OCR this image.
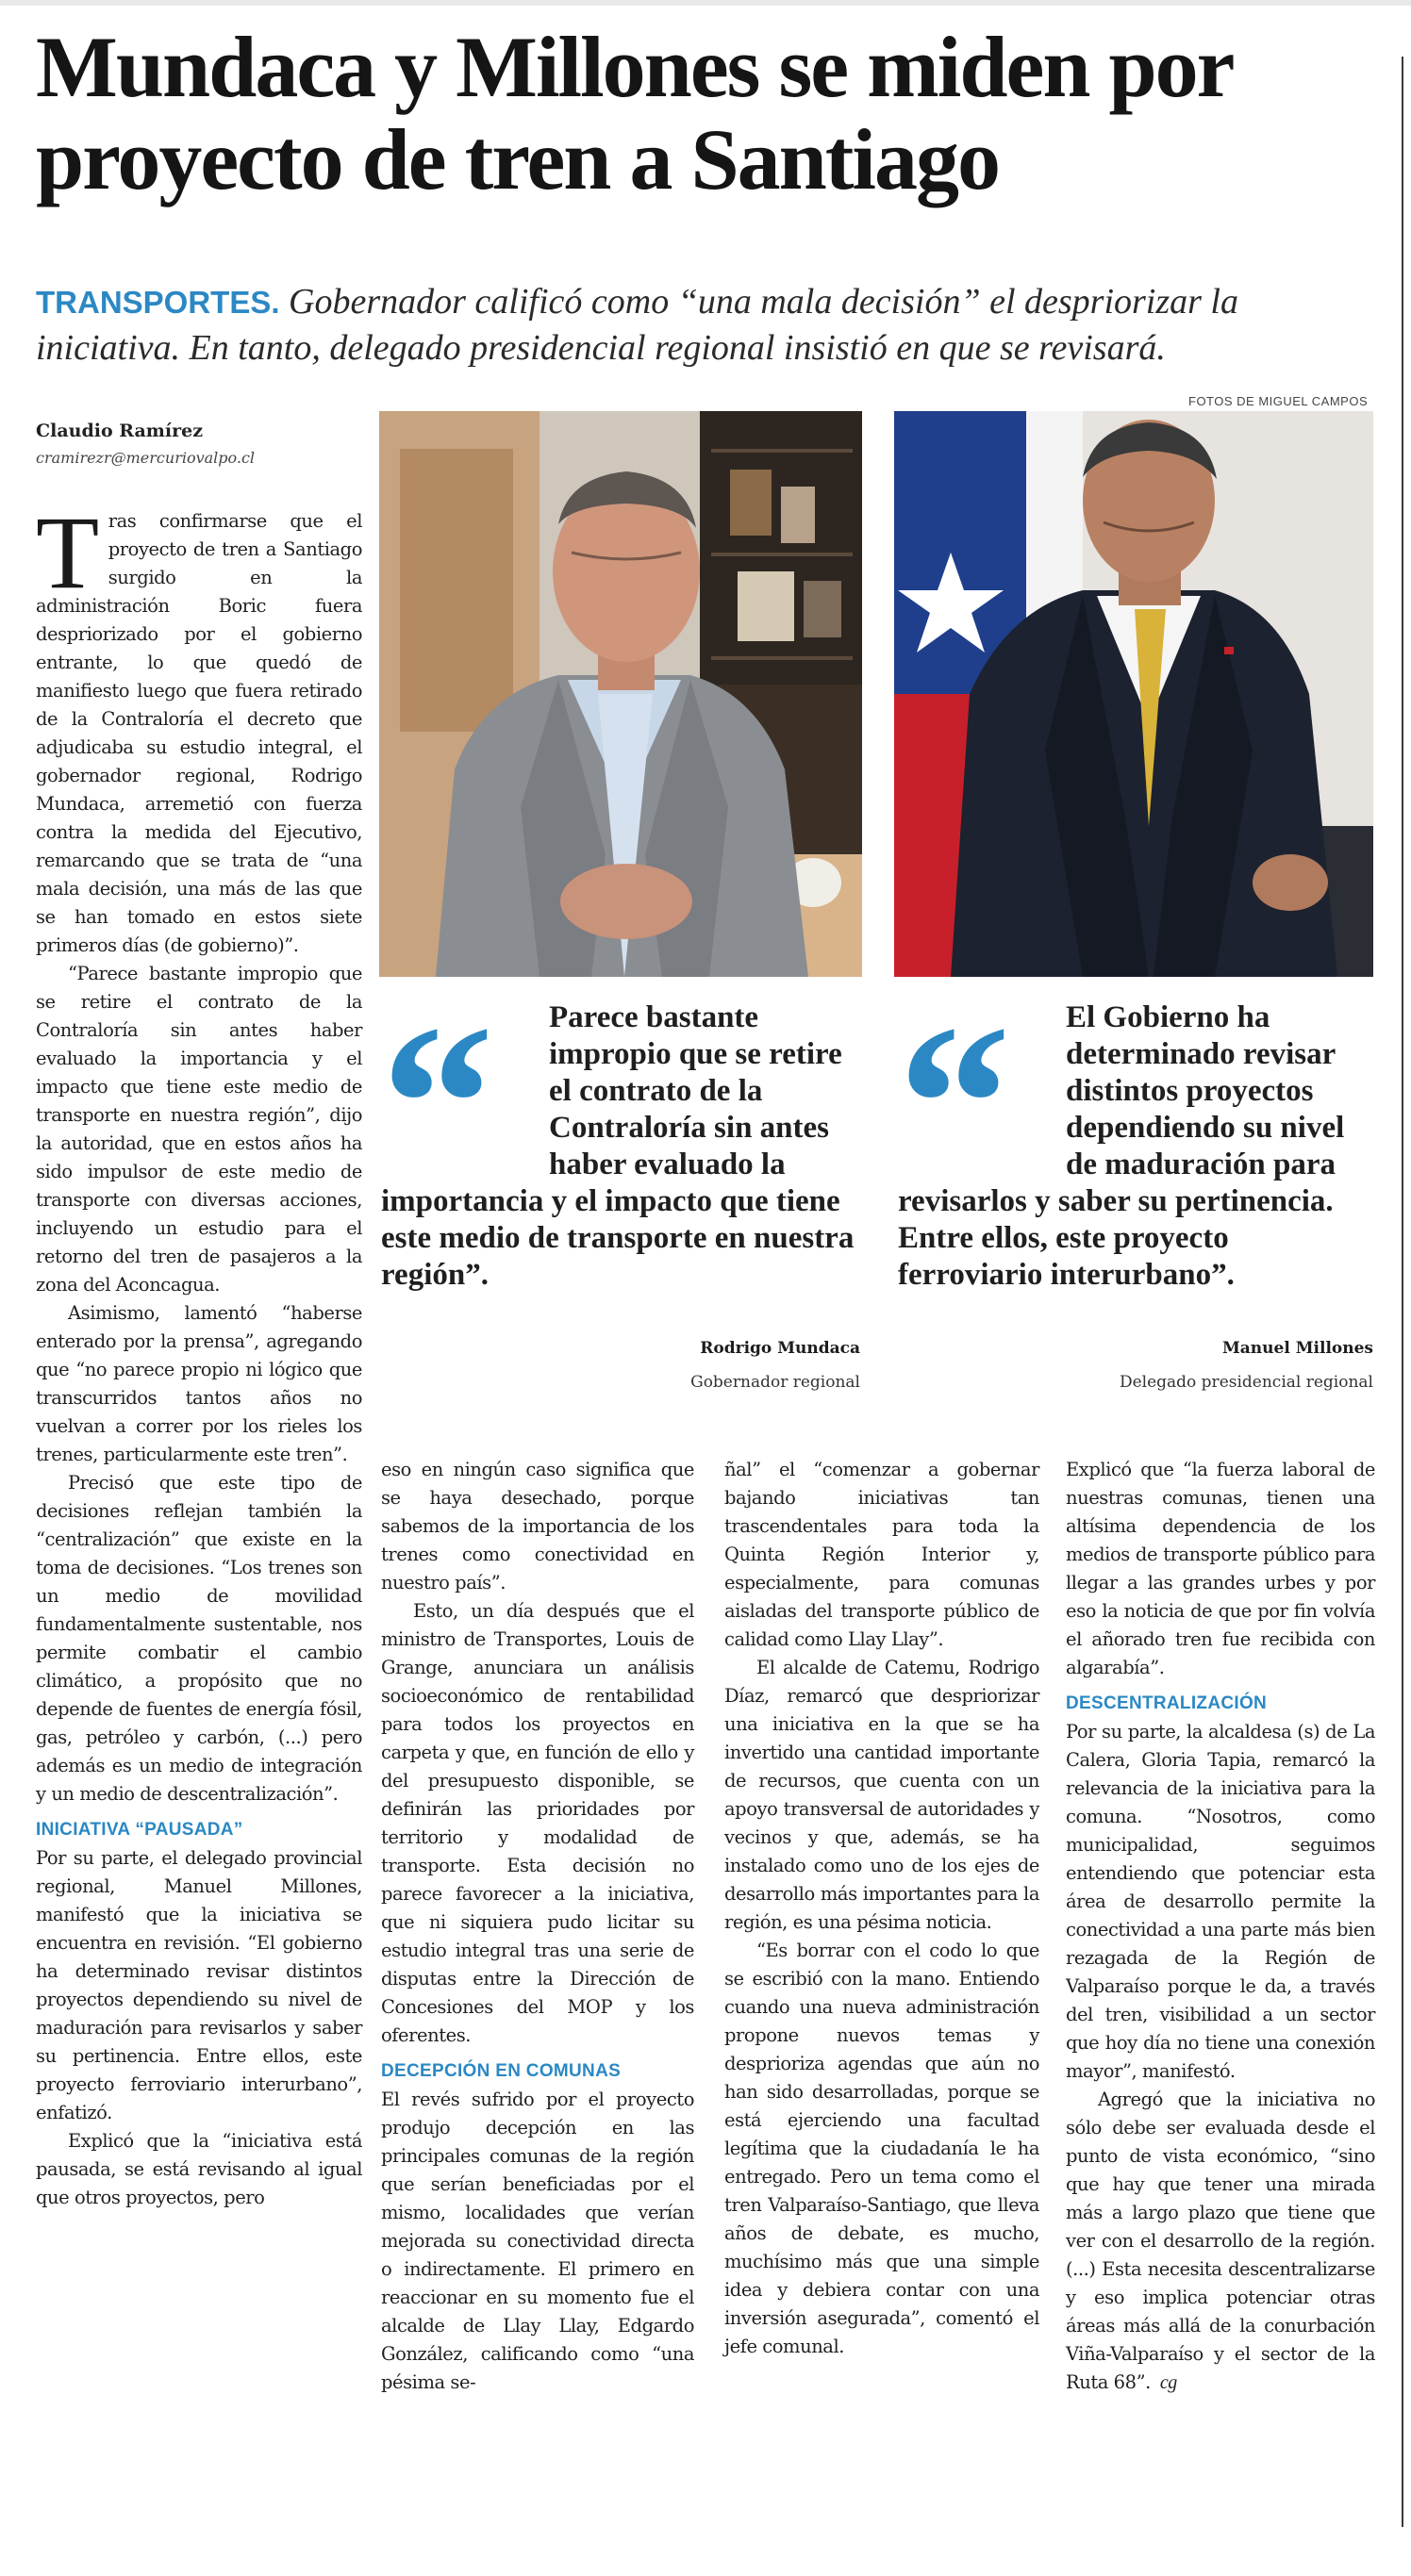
Mundaca y Millones se miden por proyecto de tren a Santiago

TRANSPORTES. Gobernador calificó como “una mala decisión” el despriorizar la iniciativa. En tanto, delegado presidencial regional insistió en que se revisará.

FOTOS DE MIGUEL CAMPOS

Claudio Ramírez
cramirezr@mercuriovalpo.cl
“	Parece bastante impropio que se retire el contrato de la Contraloría sin antes haber evaluado la importancia y el impacto que tiene este medio de transporte en nuestra región”.

Rodrigo Mundaca
Gobernador regional
“	El Gobierno ha determinado revisar distintos proyectos dependiendo su nivel de maduración para revisarlos y saber su pertinencia. Entre ellos, este proyecto ferroviario interurbano”.

Manuel Millones
Delegado presidencial regional

Tras confirmarse que el proyecto de tren a Santiago surgido en la administración Boric fuera despriorizado por el gobierno entrante, lo que quedó de manifiesto luego que fuera retirado de la Contraloría el decreto que adjudicaba su estudio integral, el gobernador regional, Rodrigo Mundaca, arremetió con fuerza contra la medida del Ejecutivo, remarcando que se trata de “una mala decisión, una más de las que se han tomado en estos siete primeros días (de gobierno)”.

“Parece bastante impropio que se retire el contrato de la Contraloría sin antes haber evaluado la importancia y el impacto que tiene este medio de transporte en nuestra región”, dijo la autoridad, que en estos años ha sido impulsor de este medio de transporte con diversas acciones, incluyendo un estudio para el retorno del tren de pasajeros a la zona del Aconcagua.

Asimismo, lamentó “haberse enterado por la prensa”, agregando que “no parece propio ni lógico que transcurridos tantos años no vuelvan a correr por los rieles los trenes, particularmente este tren”.

Precisó que este tipo de decisiones reflejan también la “centralización” que existe en la toma de decisiones. “Los trenes son un medio de movilidad fundamentalmente sustentable, nos permite combatir el cambio climático, a propósito que no depende de fuentes de energía fósil, gas, petróleo y carbón, (...) pero además es un medio de integración y un medio de descentralización”.

INICIATIVA “PAUSADA”

Por su parte, el delegado provincial regional, Manuel Millones, manifestó que la iniciativa se encuentra en revisión. “El gobierno ha determinado revisar distintos proyectos dependiendo su nivel de maduración para revisarlos y saber su pertinencia. Entre ellos, este proyecto ferroviario interurbano”, enfatizó.

Explicó que la “iniciativa está pausada, se está revisando al igual que otros proyectos, pero

eso en ningún caso significa que se haya desechado, porque sabemos de la importancia de los trenes como conectividad en nuestro país”.

Esto, un día después que el ministro de Transportes, Louis de Grange, anunciara un análisis socioeconómico de rentabilidad para todos los proyectos en carpeta y que, en función de ello y del presupuesto disponible, se definirán las prioridades por territorio y modalidad de transporte. Esta decisión no parece favorecer a la iniciativa, que ni siquiera pudo licitar su estudio integral tras una serie de disputas entre la Dirección de Concesiones del MOP y los oferentes.

DECEPCIÓN EN COMUNAS

El revés sufrido por el proyecto produjo decepción en las principales comunas de la región que serían beneficiadas por el mismo, localidades que verían mejorada su conectividad directa o indirectamente. El primero en reaccionar en su momento fue el alcalde de Llay Llay, Edgardo González, calificando como “una pésima se-

ñal” el “comenzar a gobernar bajando iniciativas tan trascendentales para toda la Quinta Región Interior y, especialmente, para comunas aisladas del transporte público de calidad como Llay Llay”.

El alcalde de Catemu, Rodrigo Díaz, remarcó que despriorizar una iniciativa en la que se ha invertido una cantidad importante de recursos, que cuenta con un apoyo transversal de autoridades y vecinos y que, además, se ha instalado como uno de los ejes de desarrollo más importantes para la región, es una pésima noticia.

“Es borrar con el codo lo que se escribió con la mano. Entiendo cuando una nueva administración propone nuevos temas y desprioriza agendas que aún no han sido desarrolladas, porque se está ejerciendo una facultad legítima que la ciudadanía le ha entregado. Pero un tema como el tren Valparaíso-Santiago, que lleva años de debate, es mucho, muchísimo más que una simple idea y debiera contar con una inversión asegurada”, comentó el jefe comunal.

Explicó que “la fuerza laboral de nuestras comunas, tienen una altísima dependencia de los medios de transporte público para llegar a las grandes urbes y por eso la noticia de que por fin volvía el añorado tren fue recibida con algarabía”.

DESCENTRALIZACIÓN

Por su parte, la alcaldesa (s) de La Calera, Gloria Tapia, remarcó la relevancia de la iniciativa para la comuna. “Nosotros, como municipalidad, seguimos entendiendo que potenciar esta área de desarrollo permite la conectividad a una parte más bien rezagada de la Región de Valparaíso porque le da, a través del tren, visibilidad a un sector que hoy día no tiene una conexión mayor”, manifestó.

Agregó que la iniciativa no sólo debe ser evaluada desde el punto de vista económico, “sino que hay que tener una mirada más a largo plazo que tiene que ver con el desarrollo de la región. (...) Esta necesita descentralizarse y eso implica potenciar otras áreas más allá de la conurbación Viña-Valparaíso y el sector de la Ruta 68”. cg
